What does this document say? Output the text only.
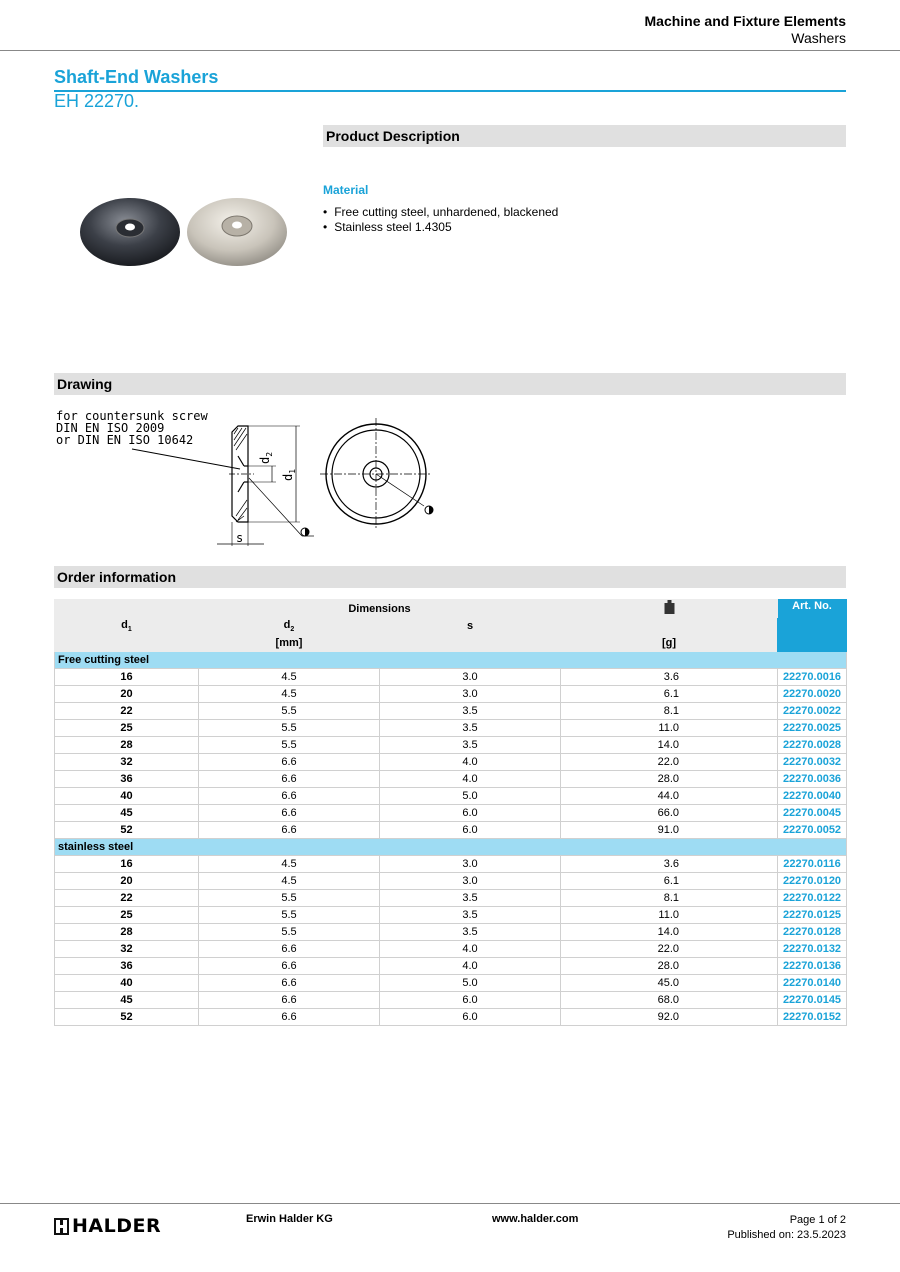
Machine and Fixture Elements
Washers
Shaft-End Washers
EH 22270.
Product Description
Material
• Free cutting steel, unhardened, blackened
• Stainless steel 1.4305
Drawing
for countersunk screw
DIN EN ISO 2009
or DIN EN ISO 10642
$d_2$
$d_1$
s
Order information
	Dimensions			Art. No.
$d_1$	$d_2$	s		
	[mm]		[g]	
Free cutting steel				
16	4.5	3.0	3.6	22270.0016
20	4.5	3.0	6.1	22270.0020
22	5.5	3.5	8.1	22270.0022
25	5.5	3.5	11.0	22270.0025
28	5.5	3.5	14.0	22270.0028
32	6.6	4.0	22.0	22270.0032
36	6.6	4.0	28.0	22270.0036
40	6.6	5.0	44.0	22270.0040
45	6.6	6.0	66.0	22270.0045
52	6.6	6.0	91.0	22270.0052
stainless steel				
16	4.5	3.0	3.6	22270.0116
20	4.5	3.0	6.1	22270.0120
22	5.5	3.5	8.1	22270.0122
25	5.5	3.5	11.0	22270.0125
28	5.5	3.5	14.0	22270.0128
32	6.6	4.0	22.0	22270.0132
36	6.6	4.0	28.0	22270.0136
40	6.6	5.0	45.0	22270.0140
45	6.6	6.0	68.0	22270.0145
52	6.6	6.0	92.0	22270.0152
HALDER	Erwin Halder KG	www.halder.com	Page 1 of 2
Published on: 23.5.2023
